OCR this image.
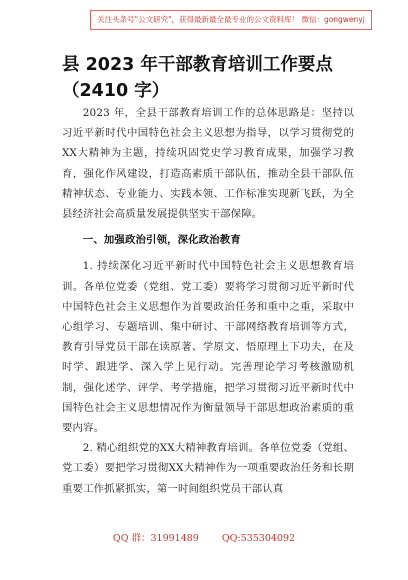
关注头条号"公文研究"，获得最新最全最专业的公文资料库！ 微信：gongwenyj
县 2023 年干部教育培训工作要点（2410 字）

2023 年，全县干部教育培训工作的总体思路是：坚持以习近平新时代中国特色社会主义思想为指导，以学习贯彻党的XX大精神为主题，持续巩固党史学习教育成果，加强学习教育，强化作风建设，打造高素质干部队伍，推动全县干部队伍精神状态、专业能力、实践本领、工作标准实现新飞跃，为全县经济社会高质量发展提供坚实干部保障。

一、加强政治引领，深化政治教育

1. 持续深化习近平新时代中国特色社会主义思想教育培训。各单位党委（党组、党工委）要将学习贯彻习近平新时代中国特色社会主义思想作为首要政治任务和重中之重，采取中心组学习、专题培训、集中研讨、干部网络教育培训等方式，教育引导党员干部在读原著、学原文、悟原理上下功夫，在及时学、跟进学、深入学上见行动。完善理论学习考核激励机制，强化述学、评学、考学措施，把学习贯彻习近平新时代中国特色社会主义思想情况作为衡量领导干部思想政治素质的重要内容。

2. 精心组织党的XX大精神教育培训。各单位党委（党组、党工委）要把学习贯彻XX大精神作为一项重要政治任务和长期重要工作抓紧抓实，第一时间组织党员干部认真

QQ 群：31991489 QQ:535304092
